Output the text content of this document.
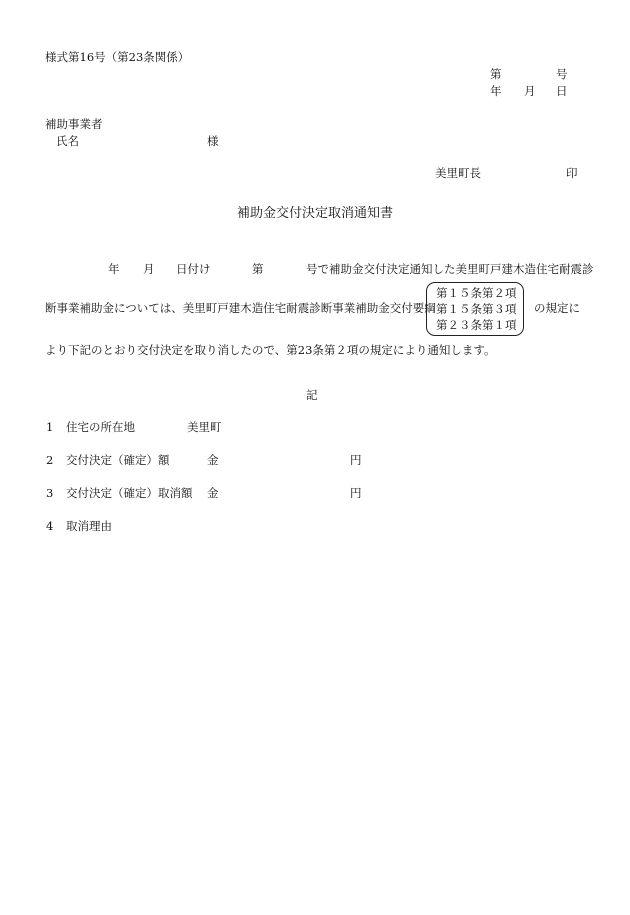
様式第16号（第23条関係）
第	号
年 月 日
補助事業者
氏名	様
美里町長	印
補助金交付決定取消通知書
年 月 日付け	第	号で補助金交付決定通知した美里町戸建木造住宅耐震診
断事業補助金については、美里町戸建木造住宅耐震診断事業補助金交付要綱
第１５条第２項
第１５条第３項
第２３条第１項
の規定に
より下記のとおり交付決定を取り消したので、第23条第２項の規定により通知します。
記
1 住宅の所在地	美里町
2 交付決定（確定）額	金	円
3 交付決定（確定）取消額 金	円
4 取消理由
